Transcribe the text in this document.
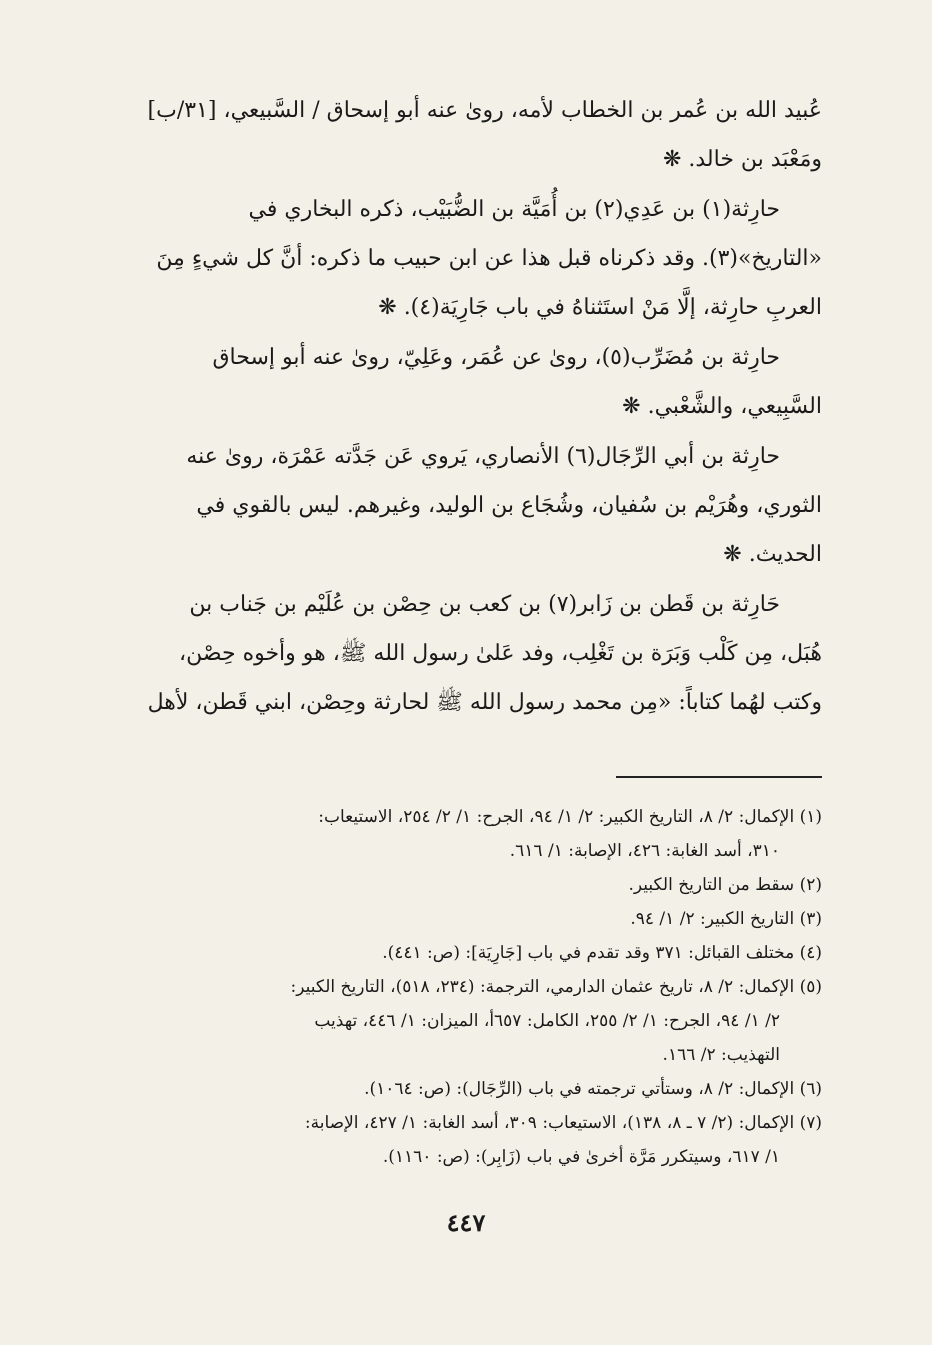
عُبيد الله بن عُمر بن الخطاب لأمه، روىٰ عنه أبو إسحاق / السَّبيعي، [٣١/ب]
ومَعْبَد بن خالد. ❋

حارِثة(١) بن عَدِي(٢) بن أُمَيَّة بن الضُّبَيْب، ذكره البخاري في
«التاريخ»(٣). وقد ذكرناه قبل هذا عن ابن حبيب ما ذكره: أنَّ كل شيءٍ مِنَ
العربِ حارِثة، إلَّا مَنْ استَثناهُ في باب جَارِيَة(٤). ❋

حارِثة بن مُضَرِّب(٥)، روىٰ عن عُمَر، وعَلِيّ، روىٰ عنه أبو إسحاق
السَّبِيعي، والشَّعْبي. ❋

حارِثة بن أبي الرِّجَال(٦) الأنصاري، يَروي عَن جَدَّته عَمْرَة، روىٰ عنه
الثوري، وهُرَيْم بن سُفيان، وشُجَاع بن الوليد، وغيرهم. ليس بالقوي في
الحديث. ❋

حَارِثة بن قَطن بن زَابر(٧) بن كعب بن حِصْن بن عُلَيْم بن جَناب بن
هُبَل، مِن كَلْب وَبَرَة بن تَغْلِب، وفد عَلىٰ رسول الله ﷺ، هو وأخوه حِصْن،
وكتب لهُما كتاباً: «مِن محمد رسول الله ﷺ لحارثة وحِصْن، ابني قَطن، لأهل

(١) الإكمال: ٢/ ٨، التاريخ الكبير: ٢/ ١/ ٩٤، الجرح: ١/ ٢/ ٢٥٤، الاستيعاب:
٣١٠، أسد الغابة: ٤٢٦، الإصابة: ١/ ٦١٦.
(٢) سقط من التاريخ الكبير.
(٣) التاريخ الكبير: ٢/ ١/ ٩٤.
(٤) مختلف القبائل: ٣٧١ وقد تقدم في باب [جَارِيَة]: (ص: ٤٤١).
(٥) الإكمال: ٢/ ٨، تاريخ عثمان الدارمي، الترجمة: (٢٣٤، ٥١٨)، التاريخ الكبير:
٢/ ١/ ٩٤، الجرح: ١/ ٢/ ٢٥٥، الكامل: ٦٥٧أ، الميزان: ١/ ٤٤٦، تهذيب
التهذيب: ٢/ ١٦٦.
(٦) الإكمال: ٢/ ٨، وستأتي ترجمته في باب (الرِّجَال): (ص: ١٠٦٤).
(٧) الإكمال: (٢/ ٧ ـ ٨، ١٣٨)، الاستيعاب: ٣٠٩، أسد الغابة: ١/ ٤٢٧، الإصابة:
١/ ٦١٧، وسيتكرر مَرَّة أخرىٰ في باب (زَابِر): (ص: ١١٦٠).
٤٤٧
